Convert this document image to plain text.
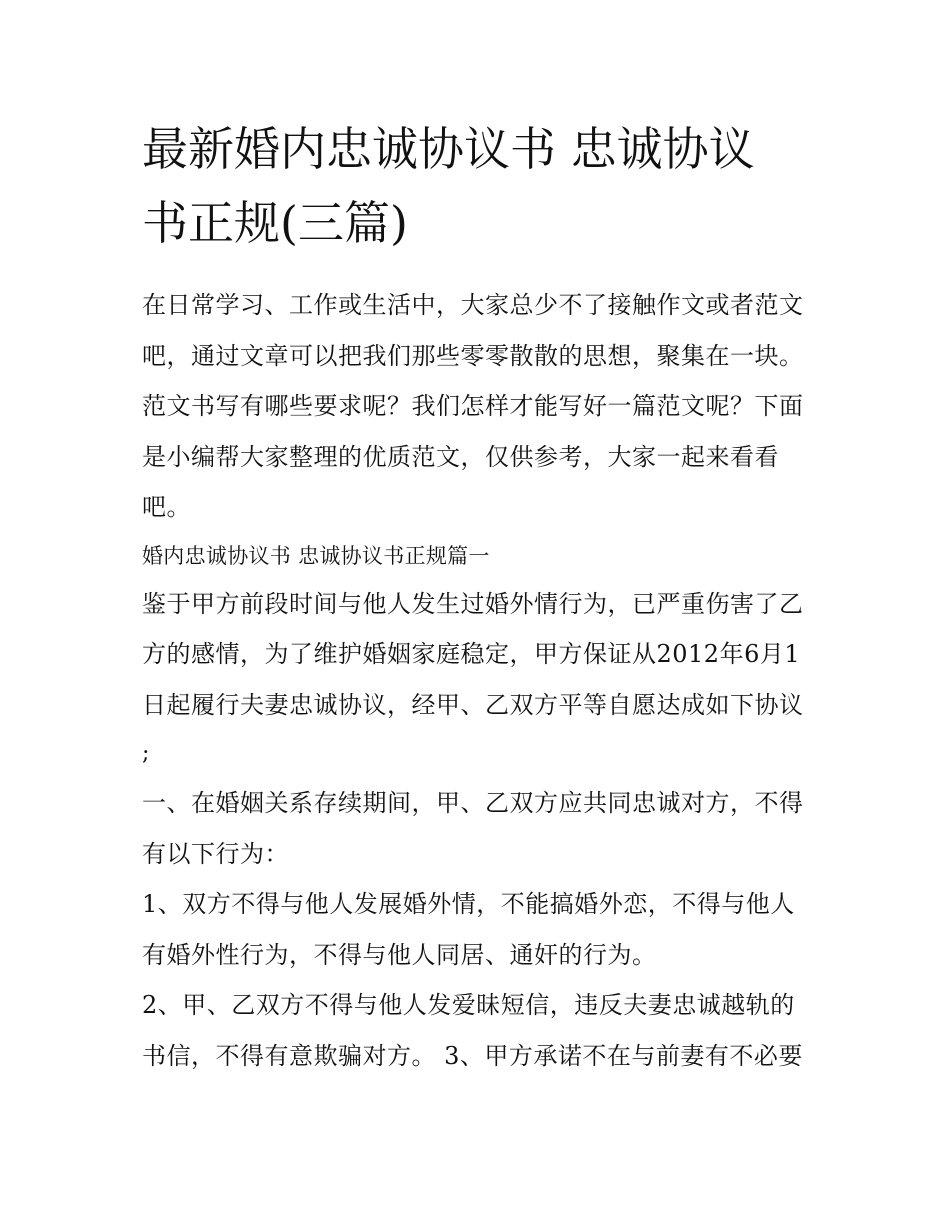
最新婚内忠诚协议书 忠诚协议
书正规(三篇)

在日常学习、工作或生活中，大家总少不了接触作文或者范文

吧，通过文章可以把我们那些零零散散的思想，聚集在一块。

范文书写有哪些要求呢？我们怎样才能写好一篇范文呢？下面

是小编帮大家整理的优质范文，仅供参考，大家一起来看看

吧。

婚内忠诚协议书 忠诚协议书正规篇一

鉴于甲方前段时间与他人发生过婚外情行为，已严重伤害了乙

方的感情，为了维护婚姻家庭稳定，甲方保证从2012年6月1

日起履行夫妻忠诚协议，经甲、乙双方平等自愿达成如下协议

;

一、在婚姻关系存续期间，甲、乙双方应共同忠诚对方，不得

有以下行为：

1、双方不得与他人发展婚外情，不能搞婚外恋，不得与他人

有婚外性行为，不得与他人同居、通奸的行为。

2、甲、乙双方不得与他人发爱昧短信，违反夫妻忠诚越轨的

书信，不得有意欺骗对方。 3、甲方承诺不在与前妻有不必要
